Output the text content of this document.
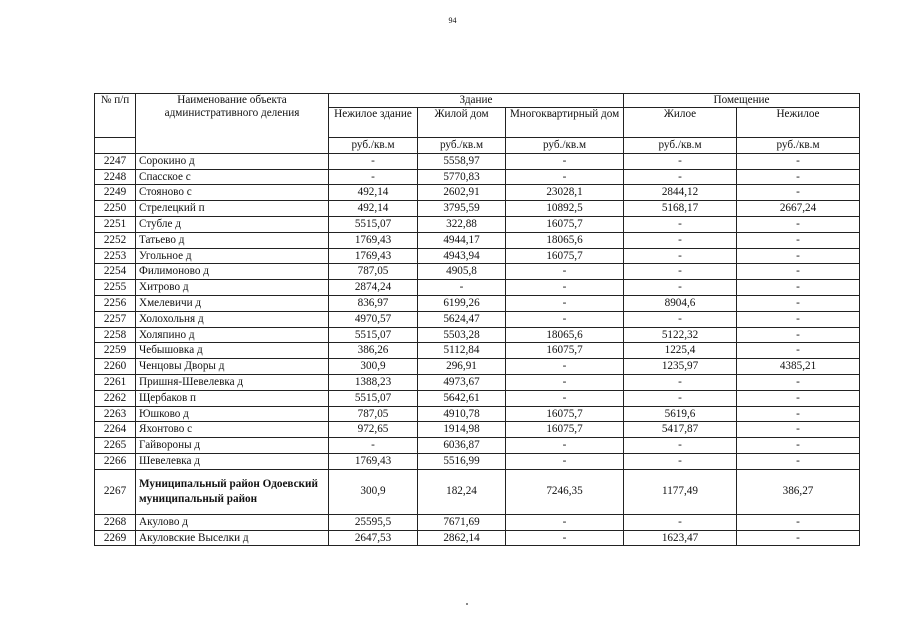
94
№ п/п	Наименование объекта административного деления	Здание			Помещение	
		Нежилое здание	Жилой дом	Многоквартирный дом	Жилое	Нежилое
		руб./кв.м	руб./кв.м	руб./кв.м	руб./кв.м	руб./кв.м
2247	Сорокино д	-	5558,97	-	-	-
2248	Спасское с	-	5770,83	-	-	-
2249	Стояново с	492,14	2602,91	23028,1	2844,12	-
2250	Стрелецкий п	492,14	3795,59	10892,5	5168,17	2667,24
2251	Стубле д	5515,07	322,88	16075,7	-	-
2252	Татьево д	1769,43	4944,17	18065,6	-	-
2253	Угольное д	1769,43	4943,94	16075,7	-	-
2254	Филимоново д	787,05	4905,8	-	-	-
2255	Хитрово д	2874,24	-	-	-	-
2256	Хмелевичи д	836,97	6199,26	-	8904,6	-
2257	Холохольня д	4970,57	5624,47	-	-	-
2258	Холяпино д	5515,07	5503,28	18065,6	5122,32	-
2259	Чебышовка д	386,26	5112,84	16075,7	1225,4	-
2260	Ченцовы Дворы д	300,9	296,91	-	1235,97	4385,21
2261	Пришня-Шевелевка д	1388,23	4973,67	-	-	-
2262	Щербаков п	5515,07	5642,61	-	-	-
2263	Юшково д	787,05	4910,78	16075,7	5619,6	-
2264	Яхонтово с	972,65	1914,98	16075,7	5417,87	-
2265	Гайвороны д	-	6036,87	-	-	-
2266	Шевелевка д	1769,43	5516,99	-	-	-
2267	Муниципальный район Одоевский муниципальный район	300,9	182,24	7246,35	1177,49	386,27
2268	Акулово д	25595,5	7671,69	-	-	-
2269	Акуловские Выселки д	2647,53	2862,14	-	1623,47	-
